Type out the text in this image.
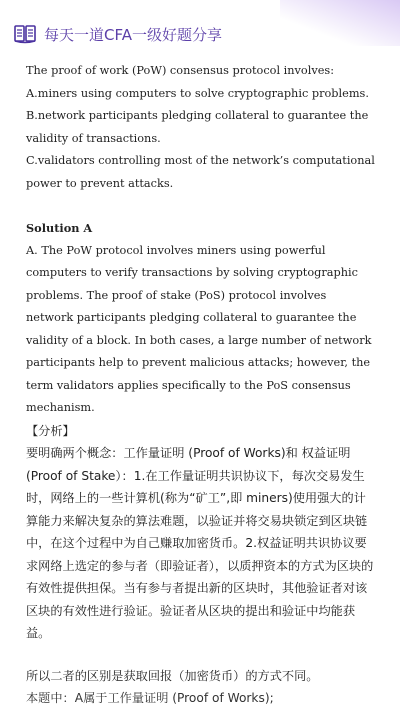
每天一道CFA一级好题分享

The proof of work (PoW) consensus protocol involves:

A.miners using computers to solve cryptographic problems.

B.network participants pledging collateral to guarantee the validity of transactions.

C.validators controlling most of the network’s computational power to prevent attacks.

Solution A

A. The PoW protocol involves miners using powerful computers to verify transactions by solving cryptographic problems. The proof of stake (PoS) protocol involves network participants pledging collateral to guarantee the validity of a block. In both cases, a large number of network participants help to prevent malicious attacks; however, the term validators applies specifically to the PoS consensus mechanism.

【分析】

要明确两个概念：工作量证明 (Proof of Works)和 权益证明(Proof of Stake）：1.在工作量证明共识协议下，每次交易发生时，网络上的一些计算机(称为“矿工”,即 miners)使用强大的计算能力来解决复杂的算法难题，以验证并将交易块锁定到区块链中，在这个过程中为自己赚取加密货币。2.权益证明共识协议要求网络上选定的参与者（即验证者），以质押资本的方式为区块的有效性提供担保。当有参与者提出新的区块时，其他验证者对该区块的有效性进行验证。验证者从区块的提出和验证中均能获益。

所以二者的区别是获取回报（加密货币）的方式不同。

本题中：A属于工作量证明 (Proof of Works);
